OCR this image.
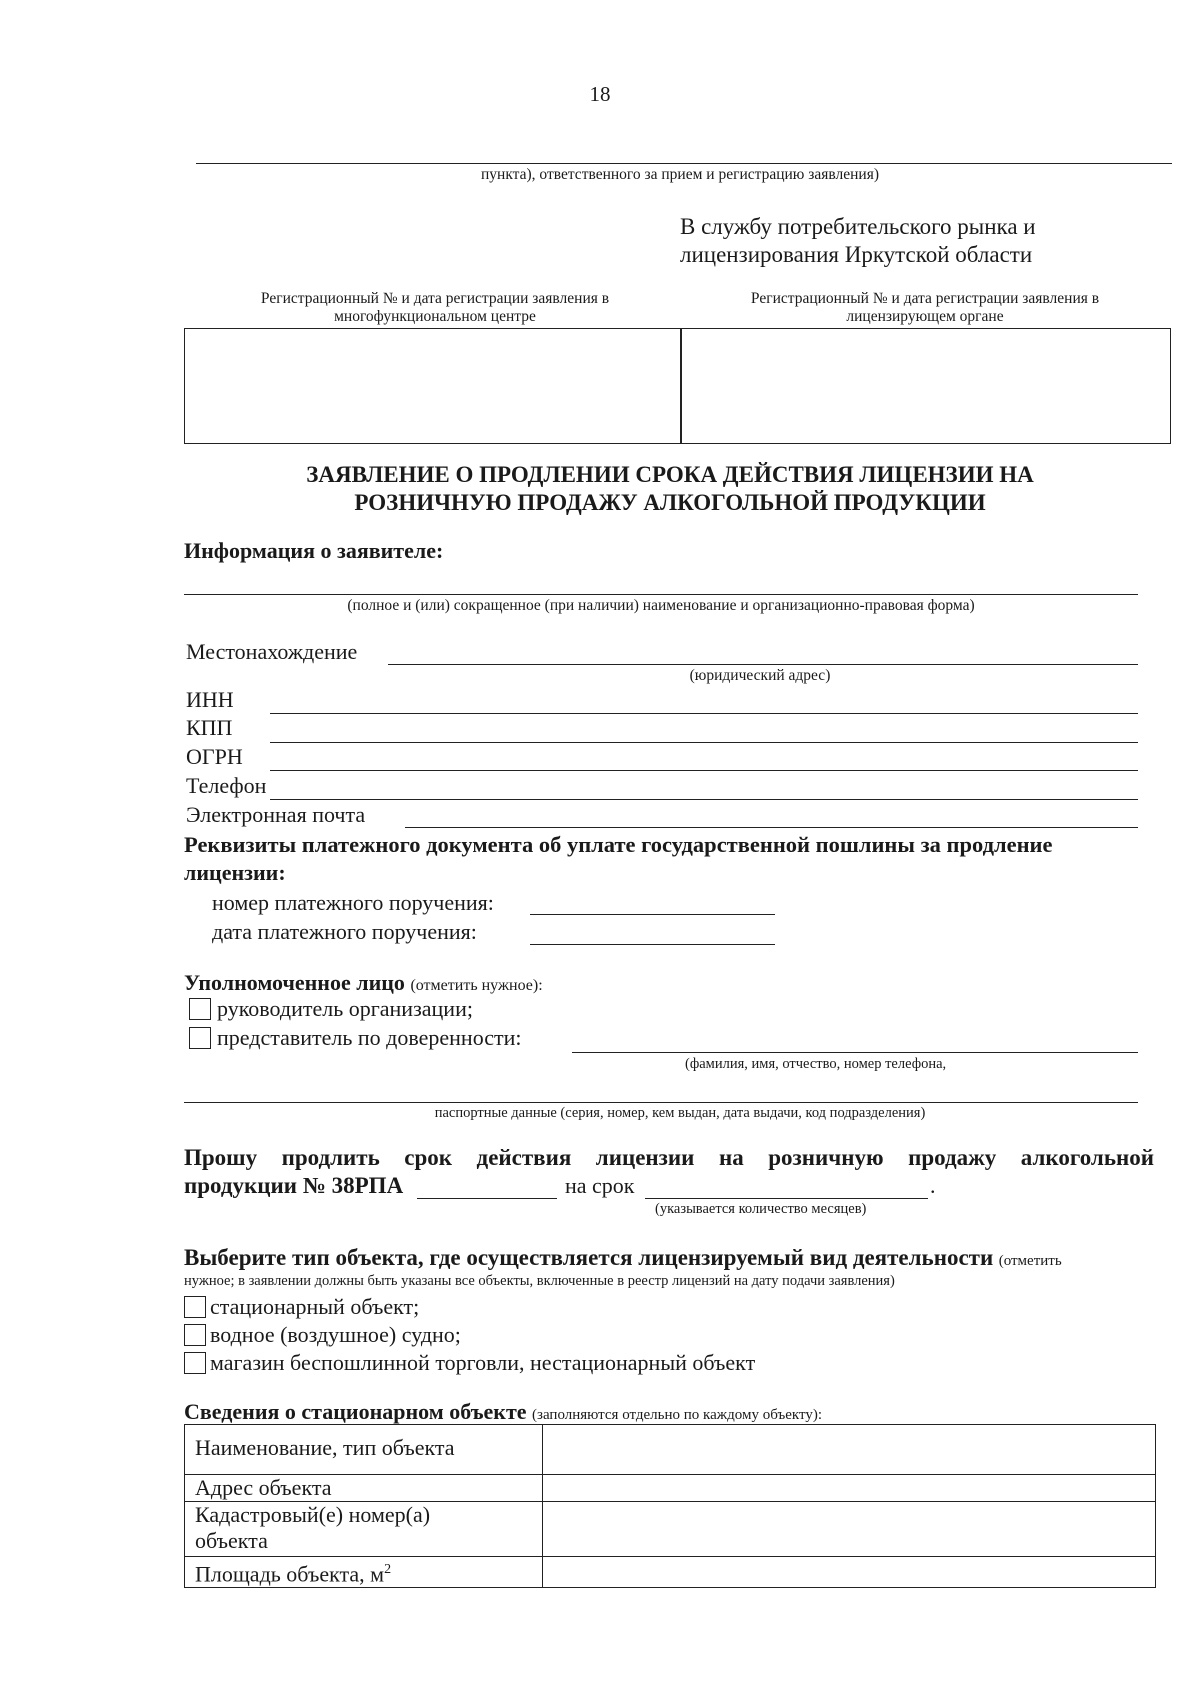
18
пункта), ответственного за прием и регистрацию заявления)
В службу потребительского рынка и
лицензирования Иркутской области
Регистрационный № и дата регистрации заявления в
многофункциональном центре
Регистрационный № и дата регистрации заявления в
лицензирующем органе
ЗАЯВЛЕНИЕ О ПРОДЛЕНИИ СРОКА ДЕЙСТВИЯ ЛИЦЕНЗИИ НА
РОЗНИЧНУЮ ПРОДАЖУ АЛКОГОЛЬНОЙ ПРОДУКЦИИ
Информация о заявителе:
(полное и (или) сокращенное (при наличии) наименование и организационно-правовая форма)
Местонахождение
(юридический адрес)
ИНН
КПП
ОГРН
Телефон
Электронная почта
Реквизиты платежного документа об уплате государственной пошлины за продление
лицензии:
номер платежного поручения:
дата платежного поручения:
Уполномоченное лицо (отметить нужное):
руководитель организации;
представитель по доверенности:
(фамилия, имя, отчество, номер телефона,
паспортные данные (серия, номер, кем выдан, дата выдачи, код подразделения)
Прошу продлить срок действия лицензии на розничную продажу алкогольной
продукции № 38РПА	на срок	.
(указывается количество месяцев)
Выберите тип объекта, где осуществляется лицензируемый вид деятельности (отметить
нужное; в заявлении должны быть указаны все объекты, включенные в реестр лицензий на дату подачи заявления)
стационарный объект;
водное (воздушное) судно;
магазин беспошлинной торговли, нестационарный объект
Сведения о стационарном объекте (заполняются отдельно по каждому объекту):
Наименование, тип объекта	
Адрес объекта	

Кадастровый(е) номер(а)
объекта	

Площадь объекта, $м^2$	
